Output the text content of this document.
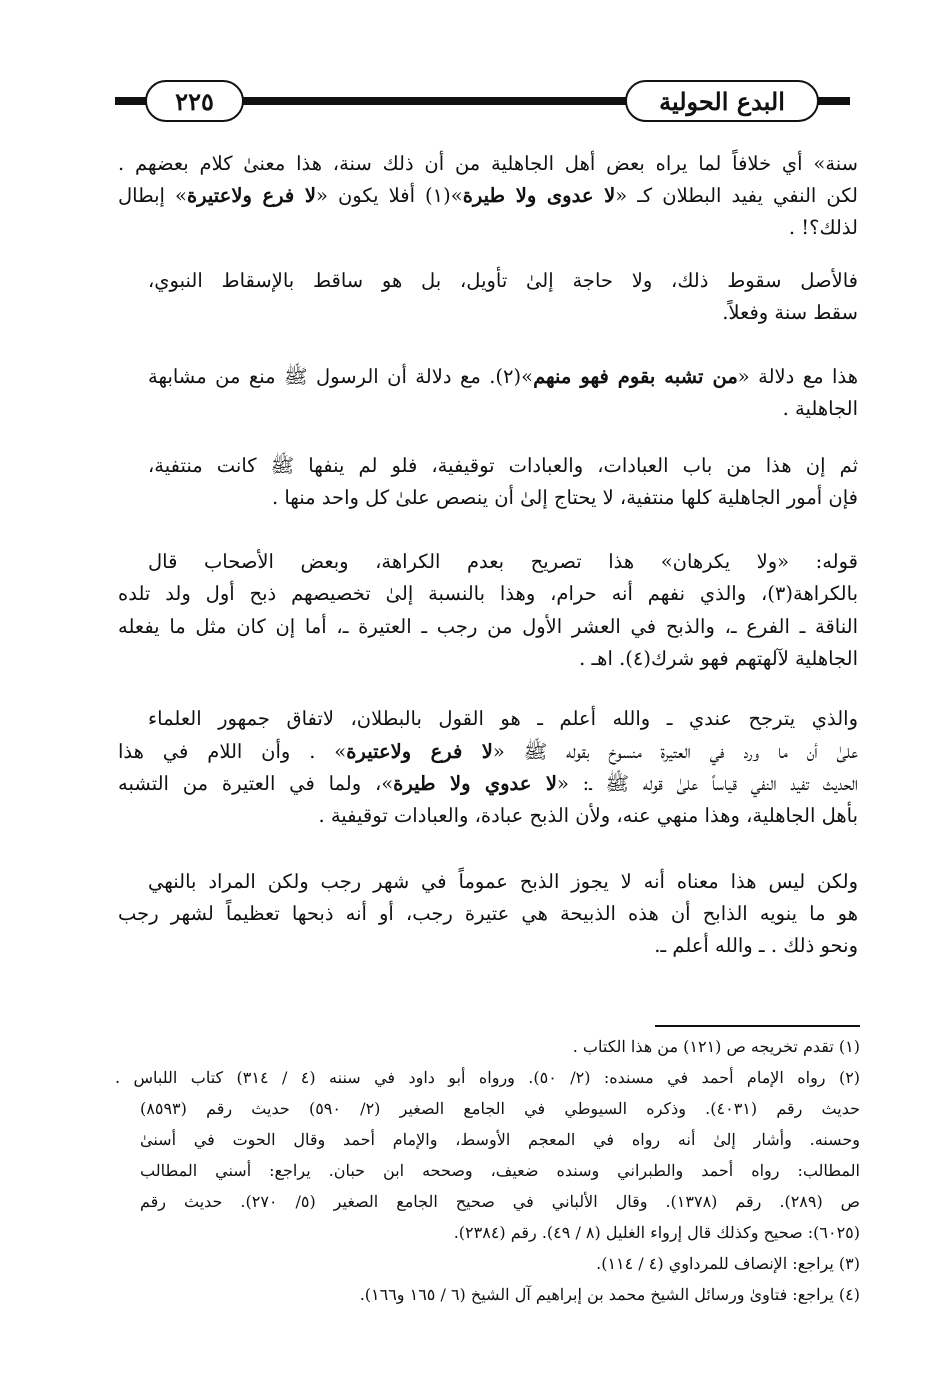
البدع الحولية
٢٢٥
سنة» أي خلافاً لما يراه بعض أهل الجاهلية من أن ذلك سنة، هذا معنىٰ كلام بعضهم .
لكن النفي يفيد البطلان كـ «لا عدوى ولا طيرة»(١) أفلا يكون «لا فرع ولاعتيرة» إبطال
لذلك؟! .
فالأصل سقوط ذلك، ولا حاجة إلىٰ تأويل، بل هو ساقط بالإسقاط النبوي،
سقط سنة وفعلاً.
هذا مع دلالة «من تشبه بقوم فهو منهم»(٢). مع دلالة أن الرسول ﷺ منع من مشابهة
الجاهلية .
ثم إن هذا من باب العبادات، والعبادات توقيفية، فلو لم ينفها ﷺ كانت منتفية،
فإن أمور الجاهلية كلها منتفية، لا يحتاج إلىٰ أن ينصص علىٰ كل واحد منها .
قوله: «ولا يكرهان» هذا تصريح بعدم الكراهة، وبعض الأصحاب قال
بالكراهة(٣)، والذي نفهم أنه حرام، وهذا بالنسبة إلىٰ تخصيصهم ذبح أول ولد تلده
الناقة ـ الفرع ـ، والذبح في العشر الأول من رجب ـ العتيرة ـ، أما إن كان مثل ما يفعله
الجاهلية لآلهتهم فهو شرك(٤). اهـ .
والذي يترجح عندي ـ والله أعلم ـ هو القول بالبطلان، لاتفاق جمهور العلماء
علىٰ أن ما ورد في العتيرة منسوخ بقوله ﷺ «لا فرع ولاعتيرة» . وأن اللام في هذا
الحديث تفيد النفي قياساً علىٰ قوله ﷺ ـ: «لا عدوي ولا طيرة»، ولما في العتيرة من التشبه
بأهل الجاهلية، وهذا منهي عنه، ولأن الذبح عبادة، والعبادات توقيفية .
ولكن ليس هذا معناه أنه لا يجوز الذبح عموماً في شهر رجب ولكن المراد بالنهي
هو ما ينويه الذابح أن هذه الذبيحة هي عتيرة رجب، أو أنه ذبحها تعظيماً لشهر رجب
ونحو ذلك . ـ والله أعلم ـ.
(١) تقدم تخريجه ص (١٢١) من هذا الكتاب .
(٢) رواه الإمام أحمد في مسنده: (٢/ ٥٠). ورواه أبو داود في سننه (٤ / ٣١٤) كتاب اللباس .
حديث رقم (٤٠٣١). وذكره السيوطي في الجامع الصغير (٢/ ٥٩٠) حديث رقم (٨٥٩٣)
وحسنه. وأشار إلىٰ أنه رواه في المعجم الأوسط، والإمام أحمد وقال الحوت في أسنىٰ
المطالب: رواه أحمد والطبراني وسنده ضعيف، وصححه ابن حبان. يراجع: أسني المطالب
ص (٢٨٩). رقم (١٣٧٨). وقال الألباني في صحيح الجامع الصغير (٥/ ٢٧٠). حديث رقم
(٦٠٢٥): صحيح وكذلك قال إرواء الغليل (٨ / ٤٩). رقم (٢٣٨٤).
(٣) يراجع: الإنصاف للمرداوي (٤ / ١١٤).
(٤) يراجع: فتاوىٰ ورسائل الشيخ محمد بن إبراهيم آل الشيخ (٦ / ١٦٥ و١٦٦).
